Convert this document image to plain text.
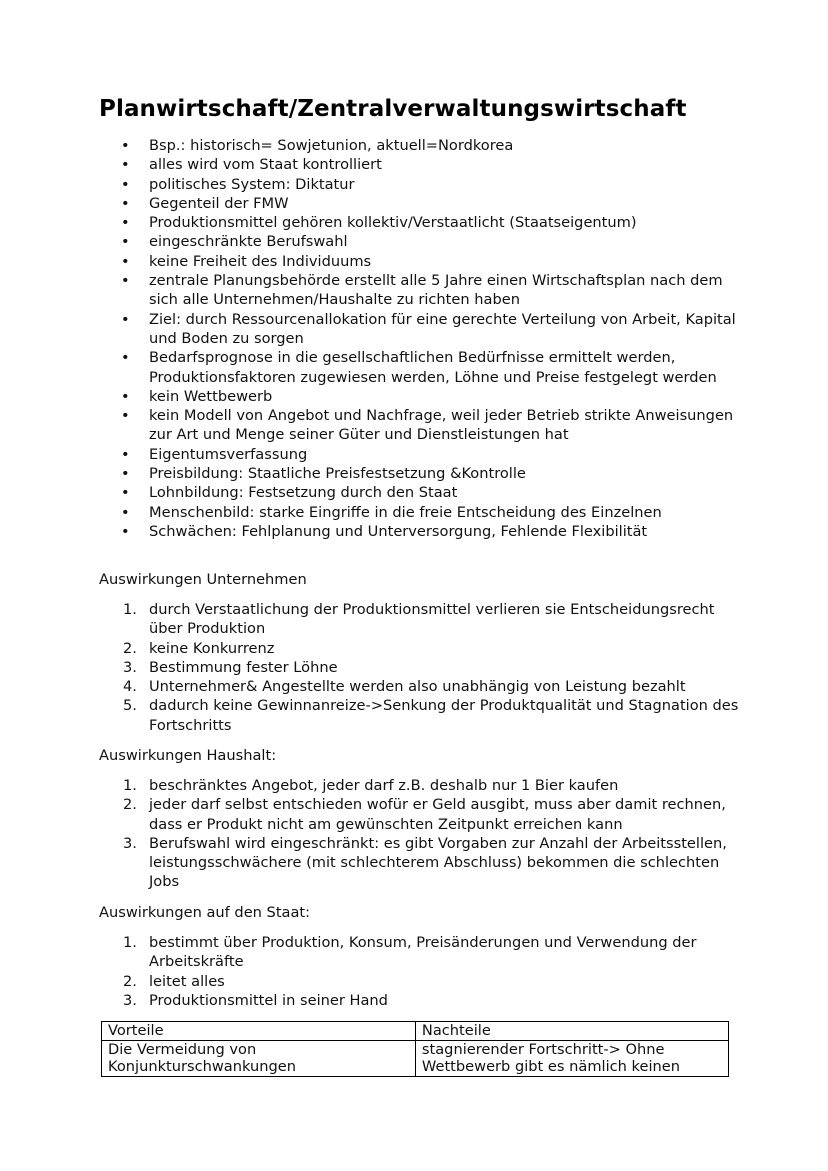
Planwirtschaft/Zentralverwaltungswirtschaft
• Bsp.: historisch= Sowjetunion, aktuell=Nordkorea
• alles wird vom Staat kontrolliert
• politisches System: Diktatur
• Gegenteil der FMW
• Produktionsmittel gehören kollektiv/Verstaatlicht (Staatseigentum)
• eingeschränkte Berufswahl
• keine Freiheit des Individuums
• zentrale Planungsbehörde erstellt alle 5 Jahre einen Wirtschaftsplan nach dem sich alle Unternehmen/Haushalte zu richten haben
• Ziel: durch Ressourcenallokation für eine gerechte Verteilung von Arbeit, Kapital und Boden zu sorgen
• Bedarfsprognose in die gesellschaftlichen Bedürfnisse ermittelt werden, Produktionsfaktoren zugewiesen werden, Löhne und Preise festgelegt werden
• kein Wettbewerb
• kein Modell von Angebot und Nachfrage, weil jeder Betrieb strikte Anweisungen zur Art und Menge seiner Güter und Dienstleistungen hat
• Eigentumsverfassung
• Preisbildung: Staatliche Preisfestsetzung &Kontrolle
• Lohnbildung: Festsetzung durch den Staat
• Menschenbild: starke Eingriffe in die freie Entscheidung des Einzelnen
• Schwächen: Fehlplanung und Unterversorgung, Fehlende Flexibilität

Auswirkungen Unternehmen

1. durch Verstaatlichung der Produktionsmittel verlieren sie Entscheidungsrecht über Produktion
2. keine Konkurrenz
3. Bestimmung fester Löhne
4. Unternehmer& Angestellte werden also unabhängig von Leistung bezahlt
5. dadurch keine Gewinnanreize->Senkung der Produktqualität und Stagnation des Fortschritts

Auswirkungen Haushalt:

1. beschränktes Angebot, jeder darf z.B. deshalb nur 1 Bier kaufen
2. jeder darf selbst entschieden wofür er Geld ausgibt, muss aber damit rechnen, dass er Produkt nicht am gewünschten Zeitpunkt erreichen kann
3. Berufswahl wird eingeschränkt: es gibt Vorgaben zur Anzahl der Arbeitsstellen, leistungsschwächere (mit schlechterem Abschluss) bekommen die schlechten Jobs

Auswirkungen auf den Staat:

1. bestimmt über Produktion, Konsum, Preisänderungen und Verwendung der Arbeitskräfte
2. leitet alles
3. Produktionsmittel in seiner Hand
Vorteile	Nachteile
Die Vermeidung von Konjunkturschwankungen	stagnierender Fortschritt-> Ohne Wettbewerb gibt es nämlich keinen
